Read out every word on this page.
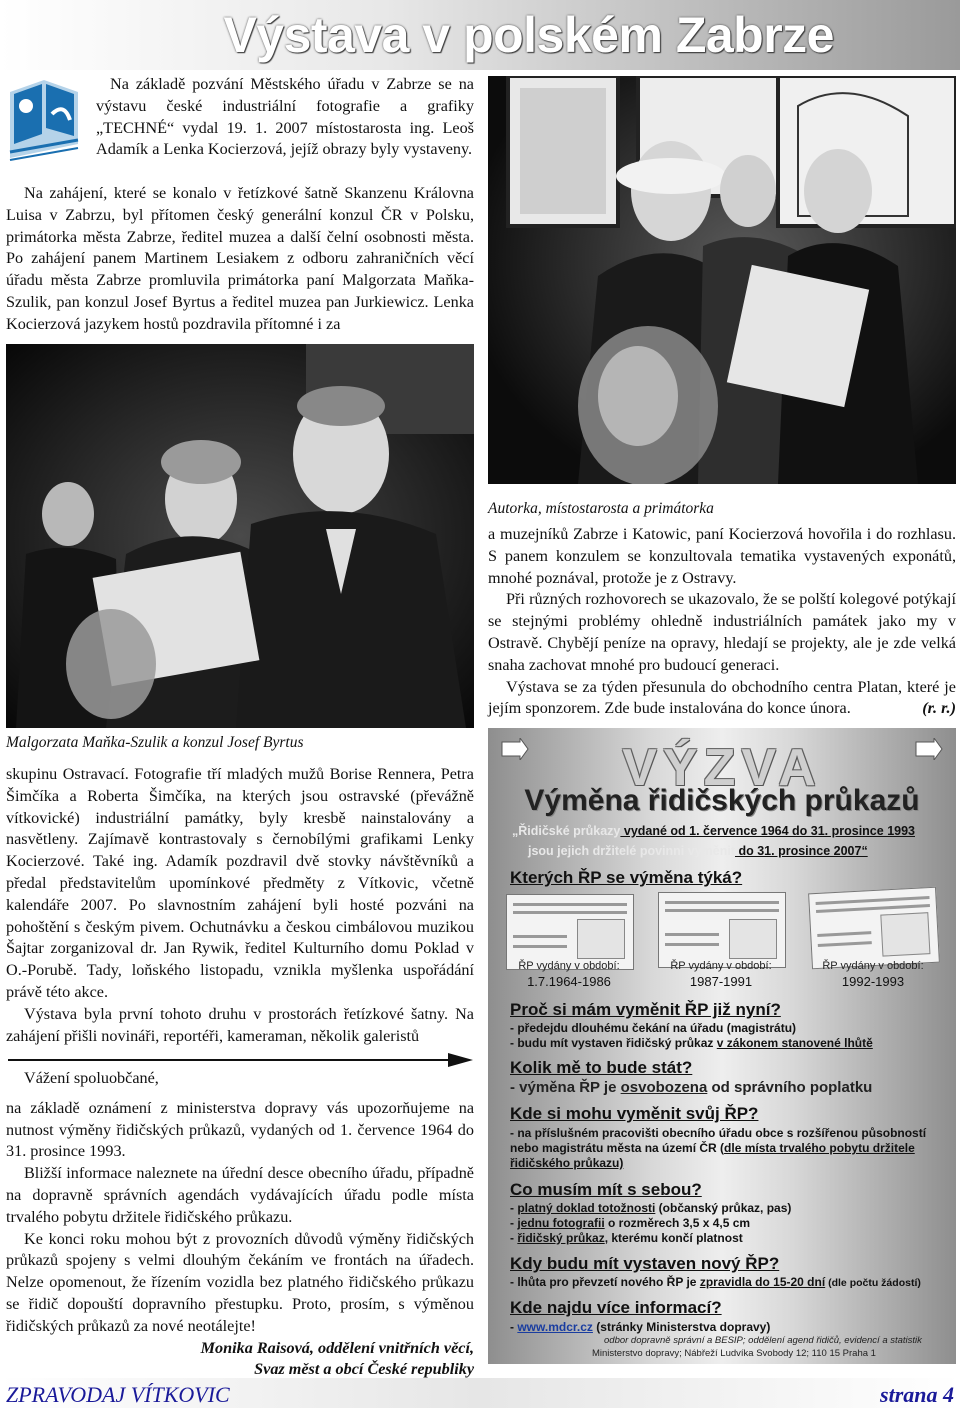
Výstava v polském Zabrze

Na základě pozvání Městského úřadu v Zabrze se na výstavu české industriální fotografie a grafiky „TECHNÉ“ vydal 19. 1. 2007 místostarosta ing. Leoš Adamík a Lenka Kocierzová, jejíž obrazy byly vystaveny.

Na zahájení, které se konalo v řetízkové šatně Skanzenu Královna Luisa v Zabrzu, byl přítomen český generální konzul ČR v Polsku, primátorka města Zabrze, ředitel muzea a další čelní osobnosti města. Po zahájení panem Martinem Lesiakem z odboru zahraničních věcí úřadu města Zabrze promluvila primátorka paní Malgorzata Maňka-Szulik, pan konzul Josef Byrtus a ředitel muzea pan Jurkiewicz. Lenka Kocierzová jazykem hostů pozdravila přítomné i za

Autorka, místostarosta a primátorka

a muzejníků Zabrze i Katowic, paní Kocierzová hovořila i do rozhlasu. S panem konzulem se konzultovala tematika vystavených exponátů, mnohé poznával, protože je z Ostravy.

Při různých rozhovorech se ukazovalo, že se polští kolegové potýkají se stejnými problémy ohledně industriálních památek jako my v Ostravě. Chybějí peníze na opravy, hledají se projekty, ale je zde velká snaha zachovat mnohé pro budoucí generaci.

Výstava se za týden přesunula do obchodního centra Platan, které je jejím sponzorem. Zde bude instalována do konce února.	(r. r.)

Malgorzata Maňka-Szulik a konzul Josef Byrtus

skupinu Ostravací. Fotografie tří mladých mužů Borise Rennera, Petra Šimčíka a Roberta Šimčíka, na kterých jsou ostravské (převážně vítkovické) industriální památky, byly kresbě nainstalovány a nasvětleny. Zajímavě kontrastovaly s černobílými grafikami Lenky Kocierzové. Také ing. Adamík pozdravil dvě stovky návštěvníků a předal představitelům upomínkové předměty z Vítkovic, včetně kalendáře 2007. Po slavnostním zahájení byli hosté pozváni na pohoštění s českým pivem. Ochutnávku a českou cimbálovou muzikou Šajtar zorganizoval dr. Jan Rywik, ředitel Kulturního domu Poklad v O.-Porubě. Tady, loňského listopadu, vznikla myšlenka uspořádání právě této akce.

Výstava byla první tohoto druhu v prostorách řetízkové šatny. Na zahájení přišli novináři, reportéři, kameraman, několik galeristů

Vážení spoluobčané,

na základě oznámení z ministerstva dopravy vás upozorňujeme na nutnost výměny řidičských průkazů, vydaných od 1. července 1964 do 31. prosince 1993.

Bližší informace naleznete na úřední desce obecního úřadu, případně na dopravně správních agendách vydávajících úřadu podle místa trvalého pobytu držitele řidičského průkazu.

Ke konci roku mohou být z provozních důvodů výměny řidičských průkazů spojeny s velmi dlouhým čekáním ve frontách na úřadech. Nelze opomenout, že řízením vozidla bez platného řidičského průkazu se řidič dopouští dopravního přestupku. Proto, prosím, s výměnou řidičských průkazů za nové neotálejte!

Monika Raisová, oddělení vnitřních věcí,

Svaz měst a obcí České republiky

VÝZVA
Výměna řidičských průkazů
„Řidičské průkazy vydané od 1. července 1964 do 31. prosince 1993
jsou jejich držitelé povinni vyměnit do 31. prosince 2007“
Kterých ŘP se výměna týká?
ŘP vydány v období:	ŘP vydány v období:	ŘP vydány v období:
1.7.1964-1986	1987-1991	1992-1993
Proč si mám vyměnit ŘP již nyní?
- předejdu dlouhému čekání na úřadu (magistrátu)
- budu mít vystaven řidičský průkaz v zákonem stanovené lhůtě
Kolik mě to bude stát?
- výměna ŘP je osvobozena od správního poplatku
Kde si mohu vyměnit svůj ŘP?
- na příslušném pracovišti obecního úřadu obce s rozšířenou působností
nebo magistrátu města na území ČR (dle místa trvalého pobytu držitele
řidičského průkazu)
Co musím mít s sebou?
- platný doklad totožnosti (občanský průkaz, pas)
- jednu fotografii o rozměrech 3,5 x 4,5 cm
- řidičský průkaz, kterému končí platnost
Kdy budu mít vystaven nový ŘP?
- lhůta pro převzetí nového ŘP je zpravidla do 15-20 dní (dle počtu žádostí)
Kde najdu více informací?
- www.mdcr.cz (stránky Ministerstva dopravy)
odbor dopravně správní a BESIP; oddělení agend řidičů, evidencí a statistik
Ministerstvo dopravy; Nábřeží Ludvíka Svobody 12; 110 15 Praha 1
ZPRAVODAJ VÍTKOVIC	strana 4
